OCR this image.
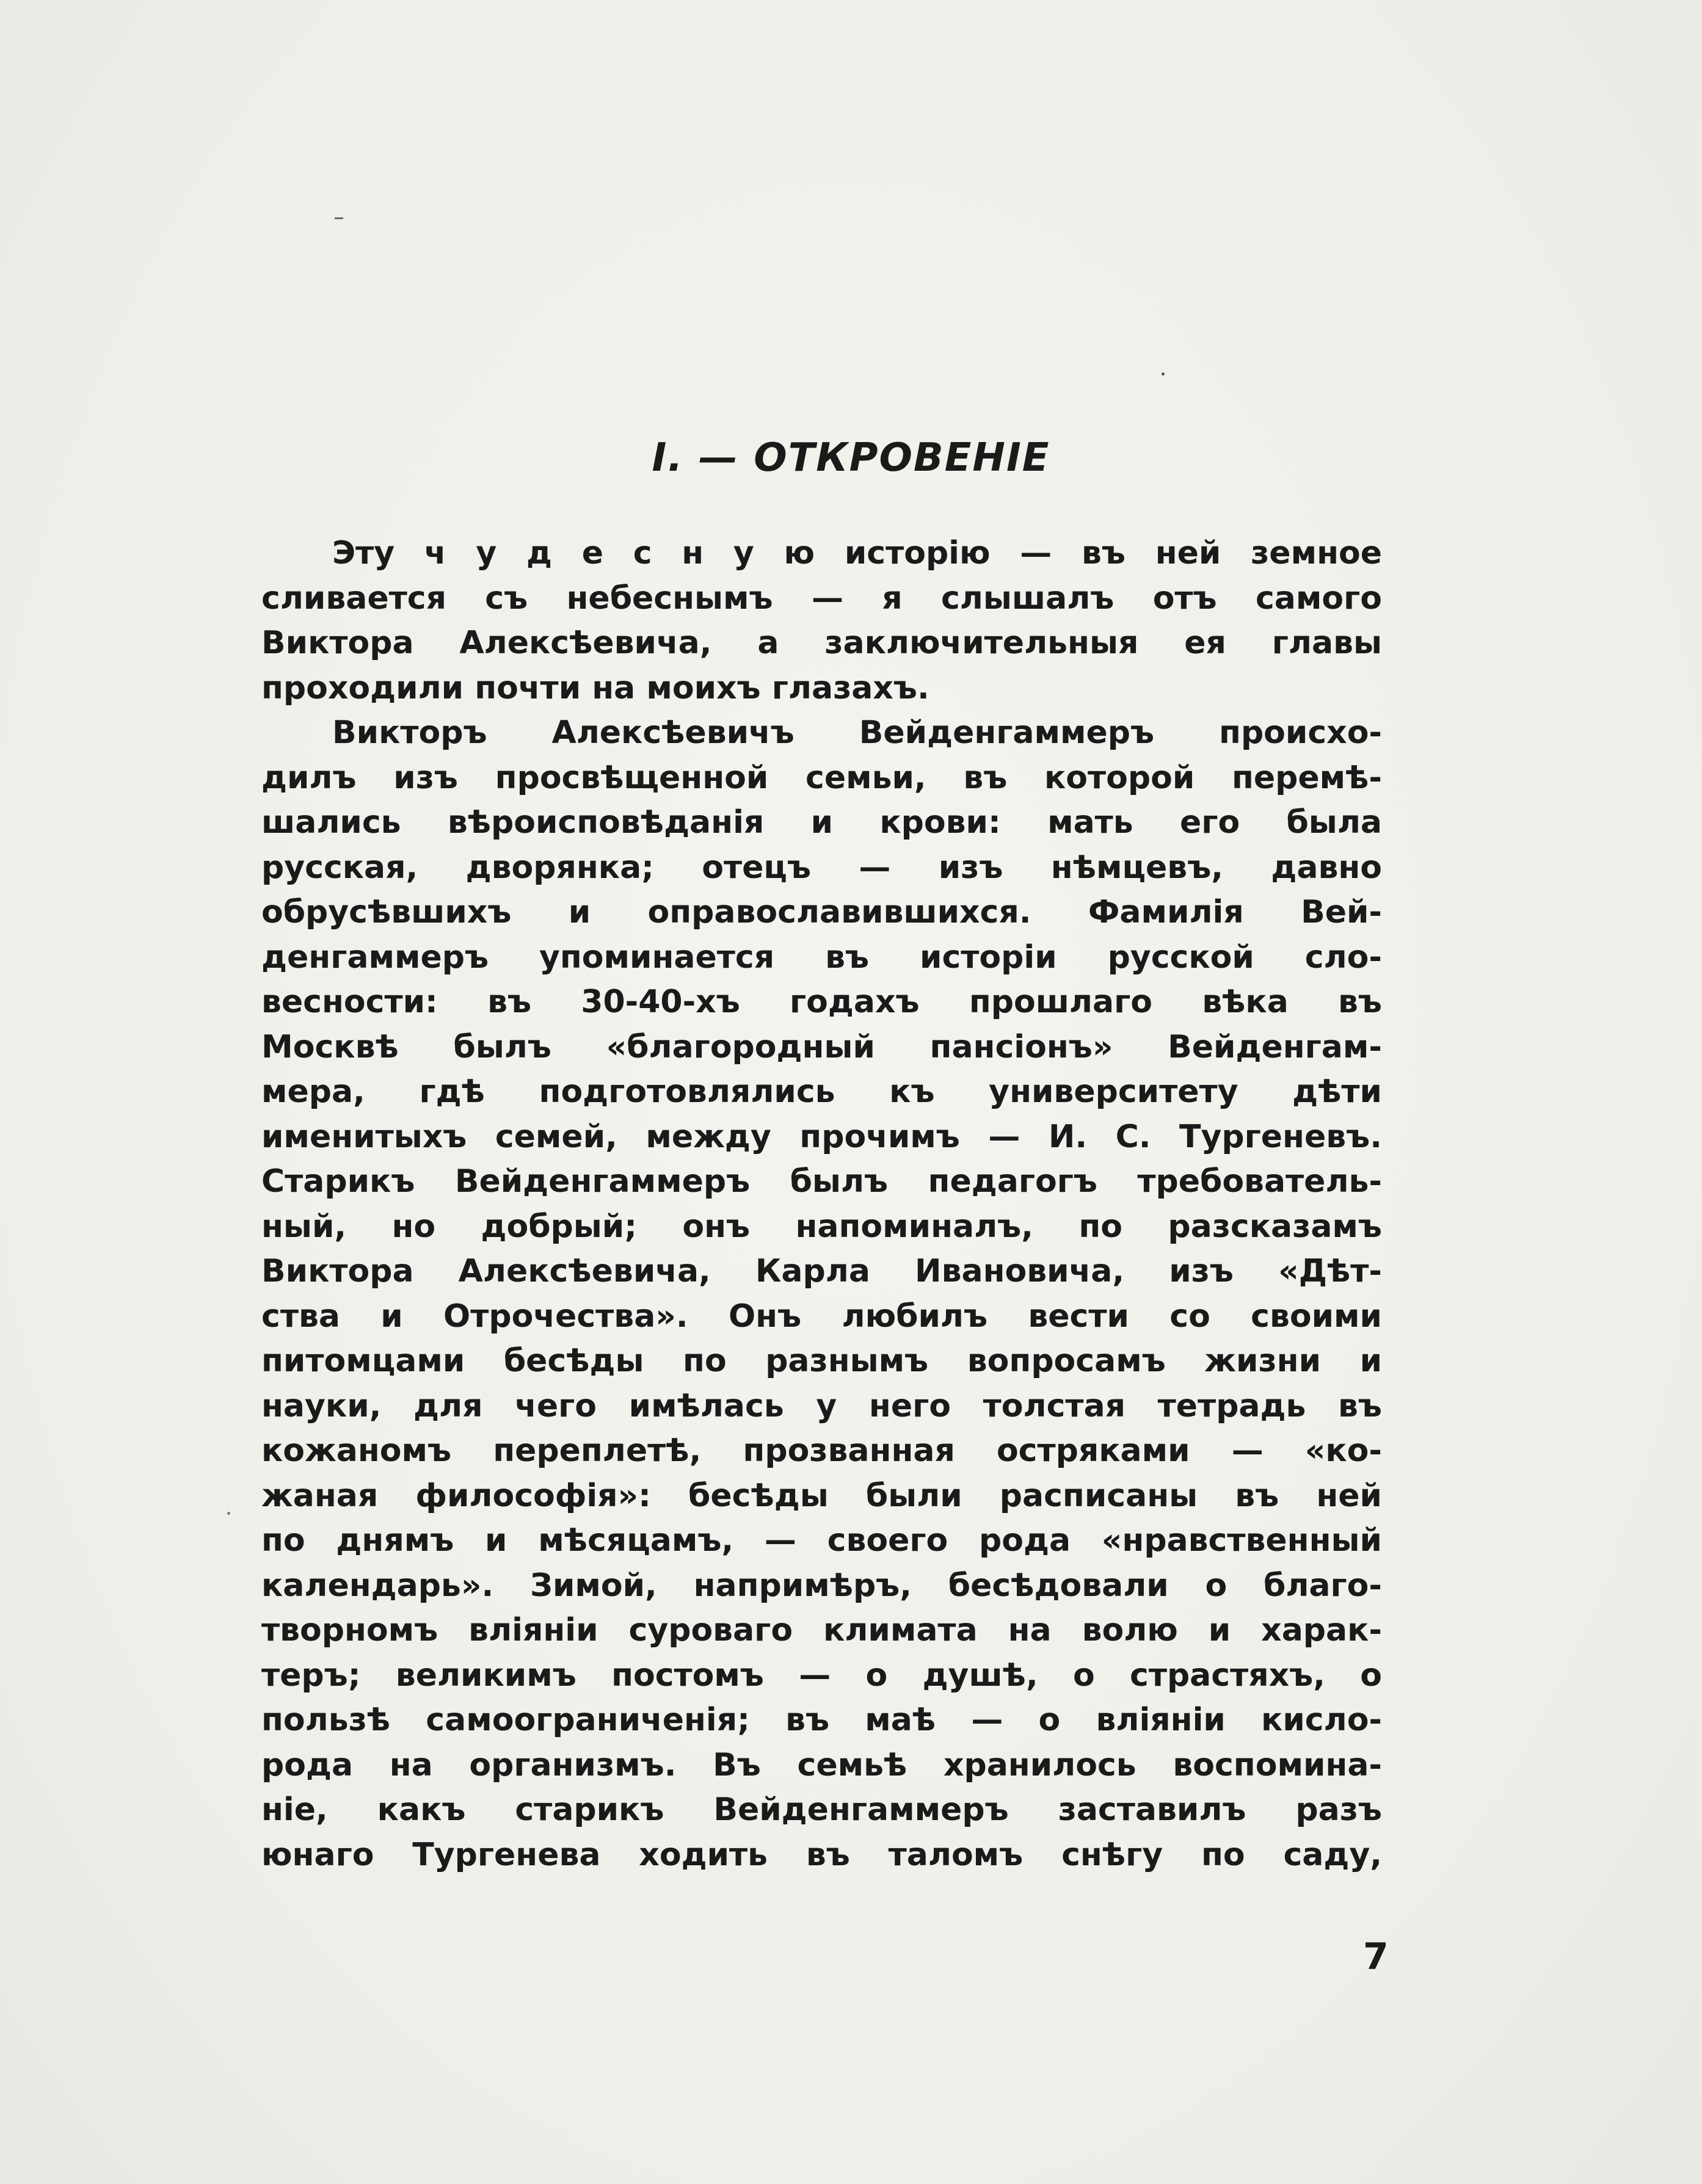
I. — ОТКРОВЕНІЕ
Эту ч у д е с н у ю исторію — въ ней земное
сливается съ небеснымъ — я слышалъ отъ самого
Виктора Алексѣевича, а заключительныя ея главы
проходили почти на моихъ глазахъ.
Викторъ Алексѣевичъ Вейденгаммеръ происхо-
дилъ изъ просвѣщенной семьи, въ которой перемѣ-
шались вѣроисповѣданія и крови: мать его была
русская, дворянка; отецъ — изъ нѣмцевъ, давно
обрусѣвшихъ и оправославившихся. Фамилія Вей-
денгаммеръ упоминается въ исторіи русской сло-
весности: въ 30-40-хъ годахъ прошлаго вѣка въ
Москвѣ былъ «благородный пансіонъ» Вейденгам-
мера, гдѣ подготовлялись къ университету дѣти
именитыхъ семей, между прочимъ — И. С. Тургеневъ.
Старикъ Вейденгаммеръ былъ педагогъ требователь-
ный, но добрый; онъ напоминалъ, по разсказамъ
Виктора Алексѣевича, Карла Ивановича, изъ «Дѣт-
ства и Отрочества». Онъ любилъ вести со своими
питомцами бесѣды по разнымъ вопросамъ жизни и
науки, для чего имѣлась у него толстая тетрадь въ
кожаномъ переплетѣ, прозванная остряками — «ко-
жаная философія»: бесѣды были расписаны въ ней
по днямъ и мѣсяцамъ, — своего рода «нравственный
календарь». Зимой, напримѣръ, бесѣдовали о благо-
творномъ вліяніи суроваго климата на волю и харак-
теръ; великимъ постомъ — о душѣ, о страстяхъ, о
пользѣ самоограниченія; въ маѣ — о вліяніи кисло-
рода на организмъ. Въ семьѣ хранилось воспомина-
ніе, какъ старикъ Вейденгаммеръ заставилъ разъ
юнаго Тургенева ходить въ таломъ снѣгу по саду,
7
